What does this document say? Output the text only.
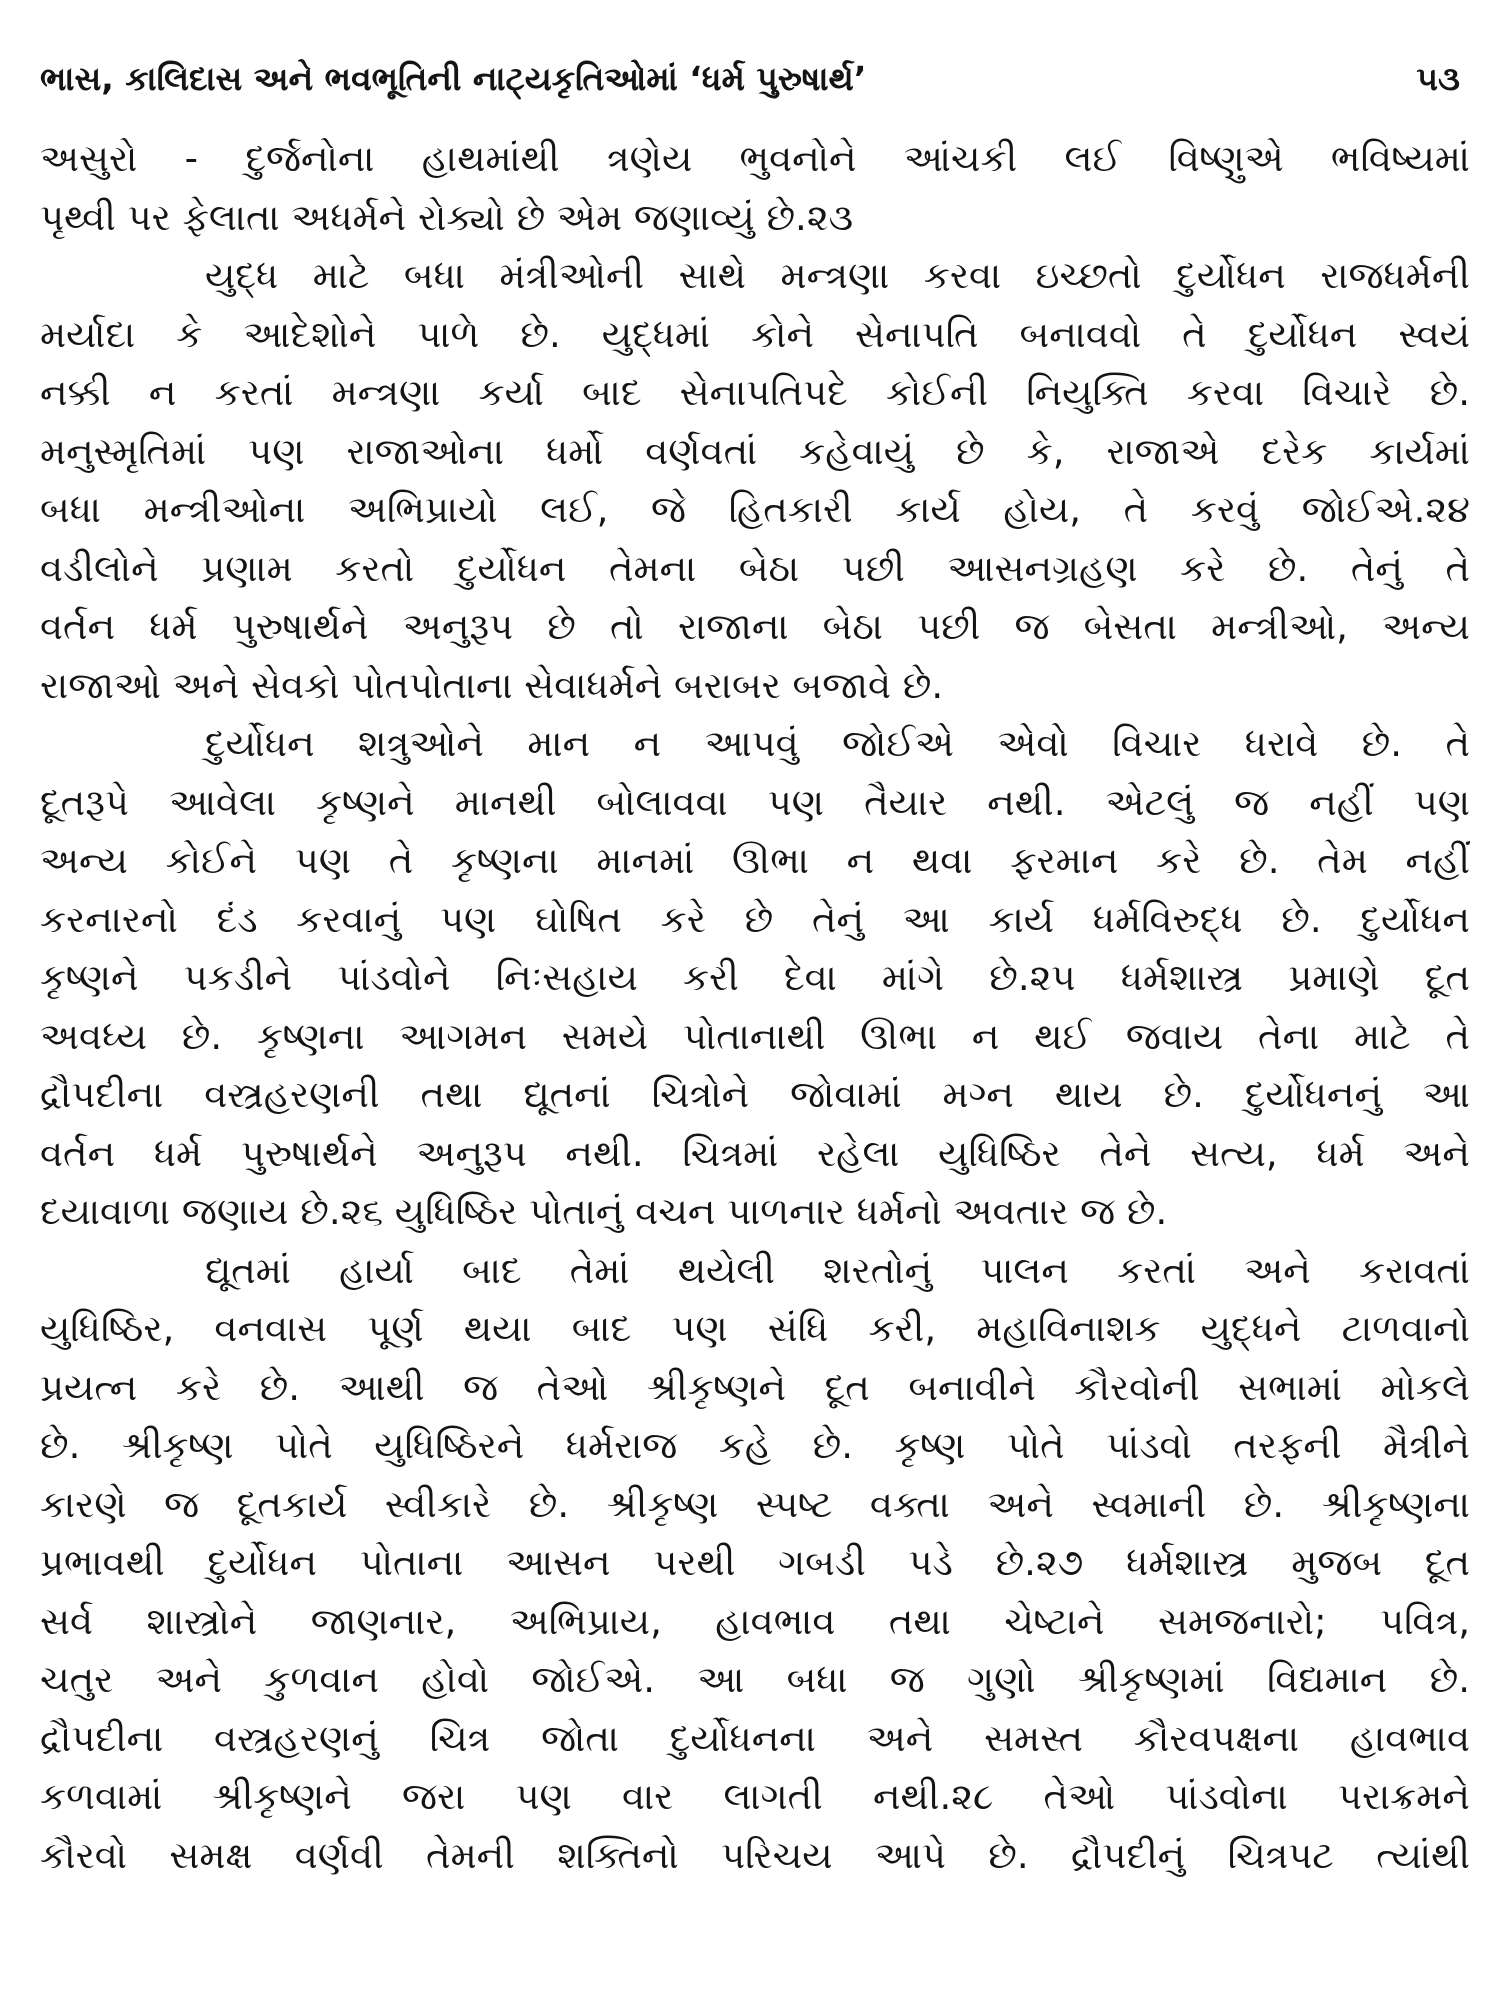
ભાસ, કાલિદાસ અને ભવભૂતિની નાટ્યકૃતિઓમાં ‘ધર્મ પુરુષાર્થ’	૫૩
અસુરો - દુર્જનોના હાથમાંથી ત્રણેય ભુવનોને આંચકી લઈ વિષ્ણુએ ભવિષ્યમાં
પૃથ્વી પર ફેલાતા અધર્મને રોક્યો છે એમ જણાવ્યું છે.૨૩
યુદ્ધ માટે બધા મંત્રીઓની સાથે મન્ત્રણા કરવા ઇચ્છતો દુર્યોધન રાજધર્મની
મર્યાદા કે આદેશોને પાળે છે. યુદ્ધમાં કોને સેનાપતિ બનાવવો તે દુર્યોધન સ્વયં
નક્કી ન કરતાં મન્ત્રણા કર્યા બાદ સેનાપતિપદે કોઈની નિયુક્તિ કરવા વિચારે છે.
મનુસ્મૃતિમાં પણ રાજાઓના ધર્મો વર્ણવતાં કહેવાયું છે કે, રાજાએ દરેક કાર્યમાં
બધા મન્ત્રીઓના અભિપ્રાયો લઈ, જે હિતકારી કાર્ય હોય, તે કરવું જોઈએ.૨૪
વડીલોને પ્રણામ કરતો દુર્યોધન તેમના બેઠા પછી આસનગ્રહણ કરે છે. તેનું તે
વર્તન ધર્મ પુરુષાર્થને અનુરૂપ છે તો રાજાના બેઠા પછી જ બેસતા મન્ત્રીઓ, અન્ય
રાજાઓ અને સેવકો પોતપોતાના સેવાધર્મને બરાબર બજાવે છે.
દુર્યોધન શત્રુઓને માન ન આપવું જોઈએ એવો વિચાર ધરાવે છે. તે
દૂતરૂપે આવેલા કૃષ્ણને માનથી બોલાવવા પણ તૈયાર નથી. એટલું જ નહીં પણ
અન્ય કોઈને પણ તે કૃષ્ણના માનમાં ઊભા ન થવા ફરમાન કરે છે. તેમ નહીં
કરનારનો દંડ કરવાનું પણ ઘોષિત કરે છે તેનું આ કાર્ય ધર્મવિરુદ્ધ છે. દુર્યોધન
કૃષ્ણને પકડીને પાંડવોને નિઃસહાય કરી દેવા માંગે છે.૨૫ ધર્મશાસ્ત્ર પ્રમાણે દૂત
અવધ્ય છે. કૃષ્ણના આગમન સમયે પોતાનાથી ઊભા ન થઈ જવાય તેના માટે તે
દ્રૌપદીના વસ્ત્રહરણની તથા દ્યૂતનાં ચિત્રોને જોવામાં મગ્ન થાય છે. દુર્યોધનનું આ
વર્તન ધર્મ પુરુષાર્થને અનુરૂપ નથી. ચિત્રમાં રહેલા યુધિષ્ઠિર તેને સત્ય, ધર્મ અને
દયાવાળા જણાય છે.૨૬ યુધિષ્ઠિર પોતાનું વચન પાળનાર ધર્મનો અવતાર જ છે.
દ્યૂતમાં હાર્યા બાદ તેમાં થયેલી શરતોનું પાલન કરતાં અને કરાવતાં
યુધિષ્ઠિર, વનવાસ પૂર્ણ થયા બાદ પણ સંધિ કરી, મહાવિનાશક યુદ્ધને ટાળવાનો
પ્રયત્ન કરે છે. આથી જ તેઓ શ્રીકૃષ્ણને દૂત બનાવીને કૌરવોની સભામાં મોકલે
છે. શ્રીકૃષ્ણ પોતે યુધિષ્ઠિરને ધર્મરાજ કહે છે. કૃષ્ણ પોતે પાંડવો તરફની મૈત્રીને
કારણે જ દૂતકાર્ય સ્વીકારે છે. શ્રીકૃષ્ણ સ્પષ્ટ વક્તા અને સ્વમાની છે. શ્રીકૃષ્ણના
પ્રભાવથી દુર્યોધન પોતાના આસન પરથી ગબડી પડે છે.૨૭ ધર્મશાસ્ત્ર મુજબ દૂત
સર્વ શાસ્ત્રોને જાણનાર, અભિપ્રાય, હાવભાવ તથા ચેષ્ટાને સમજનારો; પવિત્ર,
ચતુર અને કુળવાન હોવો જોઈએ. આ બધા જ ગુણો શ્રીકૃષ્ણમાં વિદ્યમાન છે.
દ્રૌપદીના વસ્ત્રહરણનું ચિત્ર જોતા દુર્યોધનના અને સમસ્ત કૌરવપક્ષના હાવભાવ
કળવામાં શ્રીકૃષ્ણને જરા પણ વાર લાગતી નથી.૨૮ તેઓ પાંડવોના પરાક્રમને
કૌરવો સમક્ષ વર્ણવી તેમની શક્તિનો પરિચય આપે છે. દ્રૌપદીનું ચિત્રપટ ત્યાંથી
